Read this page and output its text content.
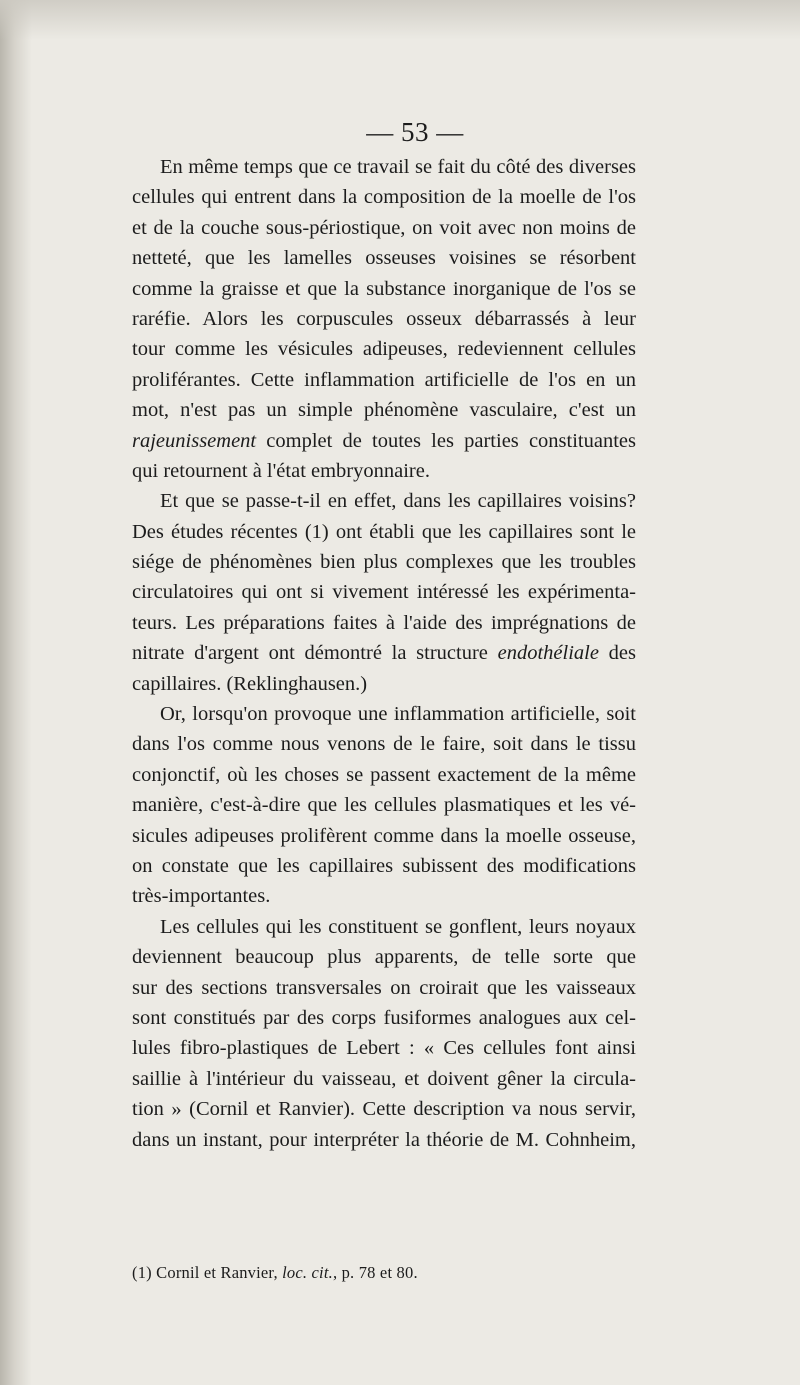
— 53 —
En même temps que ce travail se fait du côté des diverses
cellules qui entrent dans la composition de la moelle de l'os
et de la couche sous-périostique, on voit avec non moins de
netteté, que les lamelles osseuses voisines se résorbent
comme la graisse et que la substance inorganique de l'os se
raréfie. Alors les corpuscules osseux débarrassés à leur
tour comme les vésicules adipeuses, redeviennent cellules
proliférantes. Cette inflammation artificielle de l'os en un
mot, n'est pas un simple phénomène vasculaire, c'est un
rajeunissement complet de toutes les parties constituantes
qui retournent à l'état embryonnaire.
Et que se passe-t-il en effet, dans les capillaires voisins?
Des études récentes (1) ont établi que les capillaires sont le
siége de phénomènes bien plus complexes que les troubles
circulatoires qui ont si vivement intéressé les expérimenta-
teurs. Les préparations faites à l'aide des imprégnations de
nitrate d'argent ont démontré la structure endothéliale des
capillaires. (Reklinghausen.)
Or, lorsqu'on provoque une inflammation artificielle, soit
dans l'os comme nous venons de le faire, soit dans le tissu
conjonctif, où les choses se passent exactement de la même
manière, c'est-à-dire que les cellules plasmatiques et les vé-
sicules adipeuses prolifèrent comme dans la moelle osseuse,
on constate que les capillaires subissent des modifications
très-importantes.
Les cellules qui les constituent se gonflent, leurs noyaux
deviennent beaucoup plus apparents, de telle sorte que
sur des sections transversales on croirait que les vaisseaux
sont constitués par des corps fusiformes analogues aux cel-
lules fibro-plastiques de Lebert : « Ces cellules font ainsi
saillie à l'intérieur du vaisseau, et doivent gêner la circula-
tion » (Cornil et Ranvier). Cette description va nous servir,
dans un instant, pour interpréter la théorie de M. Cohnheim,
(1) Cornil et Ranvier, loc. cit., p. 78 et 80.
